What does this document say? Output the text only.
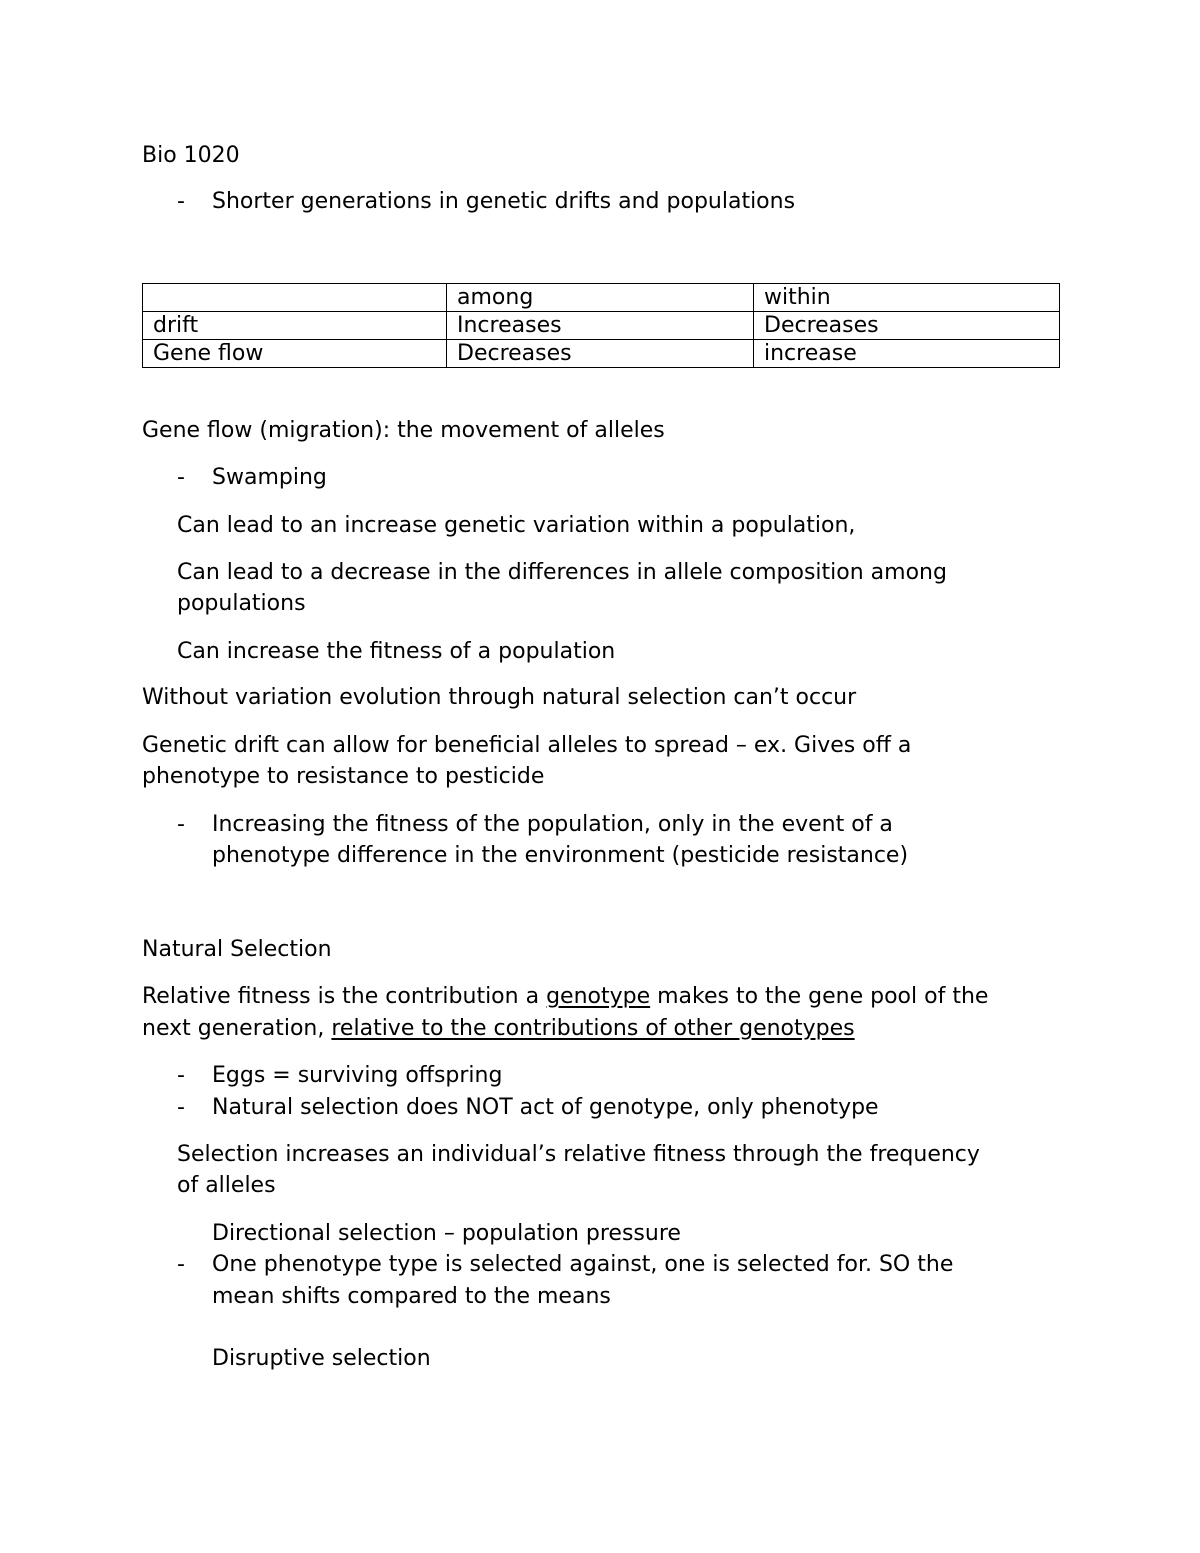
Bio 1020
- Shorter generations in genetic drifts and populations
	among	within
drift	Increases	Decreases
Gene flow	Decreases	increase
Gene flow (migration): the movement of alleles
- Swamping
Can lead to an increase genetic variation within a population,
Can lead to a decrease in the differences in allele composition among
populations
Can increase the fitness of a population
Without variation evolution through natural selection can’t occur
Genetic drift can allow for beneficial alleles to spread – ex. Gives off a
phenotype to resistance to pesticide
- Increasing the fitness of the population, only in the event of a
phenotype difference in the environment (pesticide resistance)
Natural Selection
Relative fitness is the contribution a genotype makes to the gene pool of the
next generation, relative to the contributions of other genotypes
- Eggs = surviving offspring
- Natural selection does NOT act of genotype, only phenotype
Selection increases an individual’s relative fitness through the frequency
of alleles
Directional selection – population pressure
- One phenotype type is selected against, one is selected for. SO the
mean shifts compared to the means
Disruptive selection
